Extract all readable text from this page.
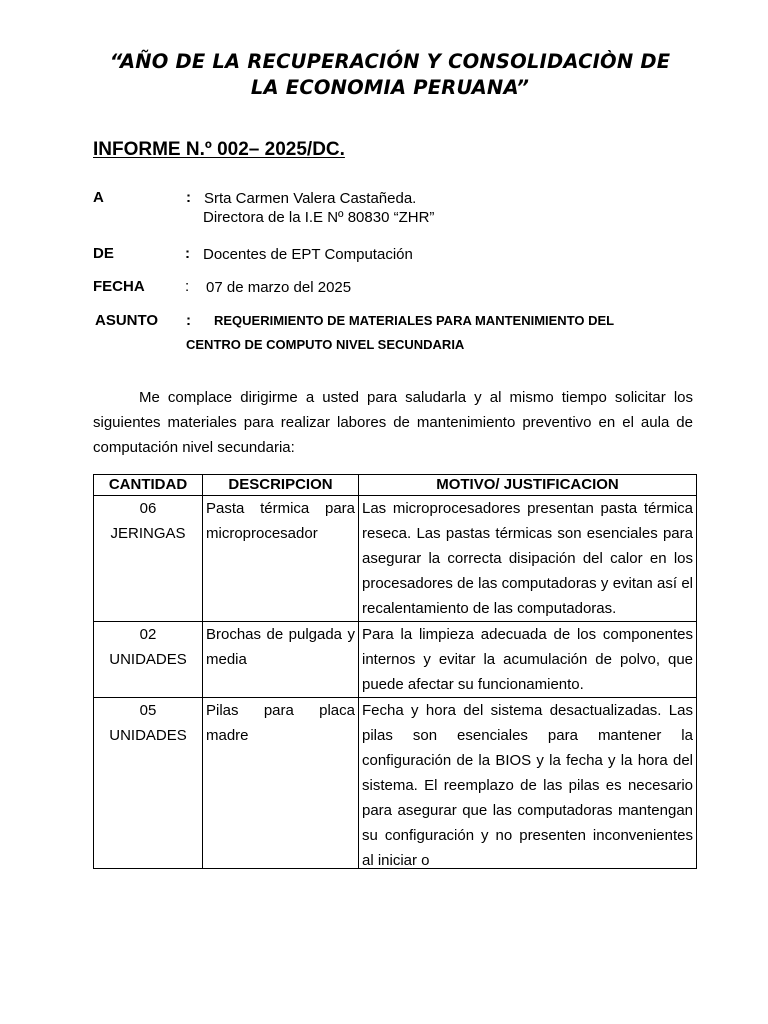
“AÑO DE LA RECUPERACIÓN Y CONSOLIDACIÒN DE
LA ECONOMIA PERUANA”
INFORME N.º 002– 2025/DC.
A	: Srta Carmen Valera Castañeda.
Directora de la I.E Nº 80830 “ZHR”
DE	: Docentes de EPT Computación
FECHA	: 07 de marzo del 2025
ASUNTO : REQUERIMIENTO DE MATERIALES PARA MANTENIMIENTO DEL
CENTRO DE COMPUTO NIVEL SECUNDARIA

Me complace dirigirme a usted para saludarla y al mismo tiempo solicitar los siguientes materiales para realizar labores de mantenimiento preventivo en el aula de computación nivel secundaria:

CANTIDAD	DESCRIPCION	MOTIVO/ JUSTIFICACION

06
JERINGAS	Pasta térmica para microprocesador	Las microprocesadores presentan pasta térmica reseca. Las pastas térmicas son esenciales para asegurar la correcta disipación del calor en los procesadores de las computadoras y evitan así el recalentamiento de las computadoras.

02
UNIDADES	Brochas de pulgada y media	Para la limpieza adecuada de los componentes internos y evitar la acumulación de polvo, que puede afectar su funcionamiento.

05
UNIDADES	Pilas para placa madre	Fecha y hora del sistema desactualizadas. Las pilas son esenciales para mantener la configuración de la BIOS y la fecha y la hora del sistema. El reemplazo de las pilas es necesario para asegurar que las computadoras mantengan su configuración y no presenten inconvenientes al iniciar o
